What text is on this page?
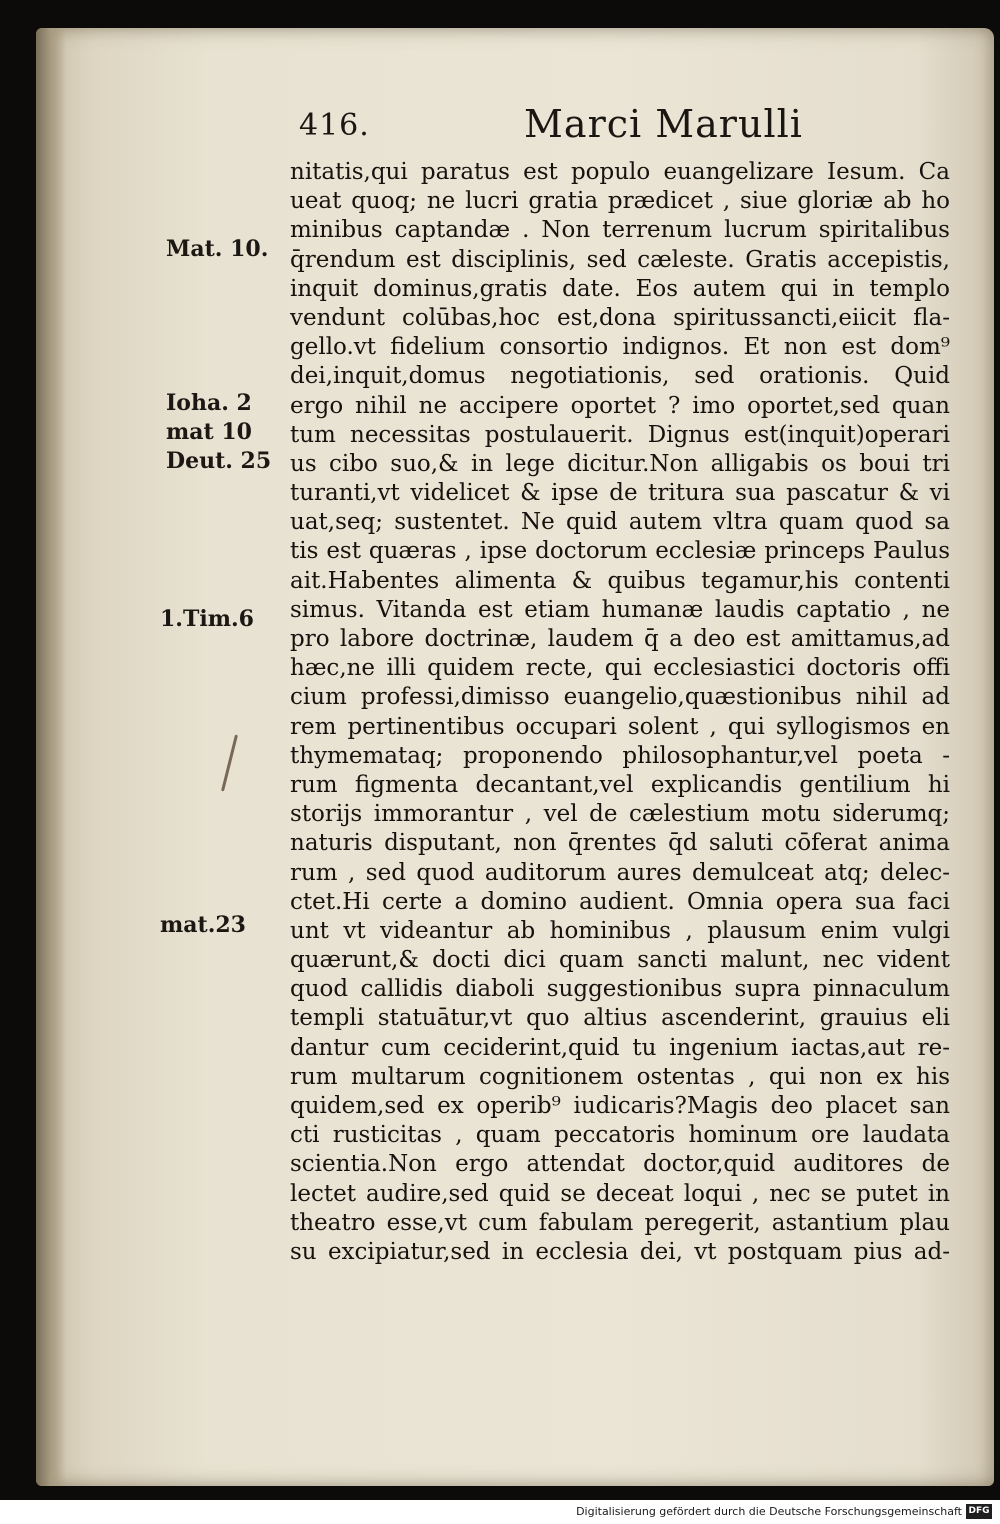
416.	Marci Marulli
Mat. 10.
Ioha. 2
mat 10
Deut. 25
1.Tim.6
mat.23
nitatis,qui paratus est populo euangelizare Iesum. Ca
ueat quoq; ne lucri gratia prædicet , siue gloriæ ab ho
minibus captandæ . Non terrenum lucrum spiritalibus
q̄rendum est disciplinis, sed cæleste. Gratis accepistis,
inquit dominus,gratis date. Eos autem qui in templo
vendunt colūbas,hoc est,dona spiritussancti,eiicit fla-
gello.vt fidelium consortio indignos. Et non est dom⁹
dei,inquit,domus negotiationis, sed orationis. Quid
ergo nihil ne accipere oportet ? imo oportet,sed quan
tum necessitas postulauerit. Dignus est(inquit)operari
us cibo suo,& in lege dicitur.Non alligabis os boui tri
turanti,vt videlicet & ipse de tritura sua pascatur & vi
uat,seq; sustentet. Ne quid autem vltra quam quod sa
tis est quæras , ipse doctorum ecclesiæ princeps Paulus
ait.Habentes alimenta & quibus tegamur,his contenti
simus. Vitanda est etiam humanæ laudis captatio , ne
pro labore doctrinæ, laudem q̄ a deo est amittamus,ad
hæc,ne illi quidem recte, qui ecclesiastici doctoris offi
cium professi,dimisso euangelio,quæstionibus nihil ad
rem pertinentibus occupari solent , qui syllogismos en
thymemataq; proponendo philosophantur,vel poeta -
rum figmenta decantant,vel explicandis gentilium hi
storijs immorantur , vel de cælestium motu siderumq;
naturis disputant, non q̄rentes q̄d saluti cōferat anima
rum , sed quod auditorum aures demulceat atq; delec-
ctet.Hi certe a domino audient. Omnia opera sua faci
unt vt videantur ab hominibus , plausum enim vulgi
quærunt,& docti dici quam sancti malunt, nec vident
quod callidis diaboli suggestionibus supra pinnaculum
templi statuātur,vt quo altius ascenderint, grauius eli
dantur cum ceciderint,quid tu ingenium iactas,aut re-
rum multarum cognitionem ostentas , qui non ex his
quidem,sed ex operib⁹ iudicaris?Magis deo placet san
cti rusticitas , quam peccatoris hominum ore laudata
scientia.Non ergo attendat doctor,quid auditores de
lectet audire,sed quid se deceat loqui , nec se putet in
theatro esse,vt cum fabulam peregerit, astantium plau
su excipiatur,sed in ecclesia dei, vt postquam pius ad-
Digitalisierung gefördert durch die Deutsche Forschungsgemeinschaft DFG
